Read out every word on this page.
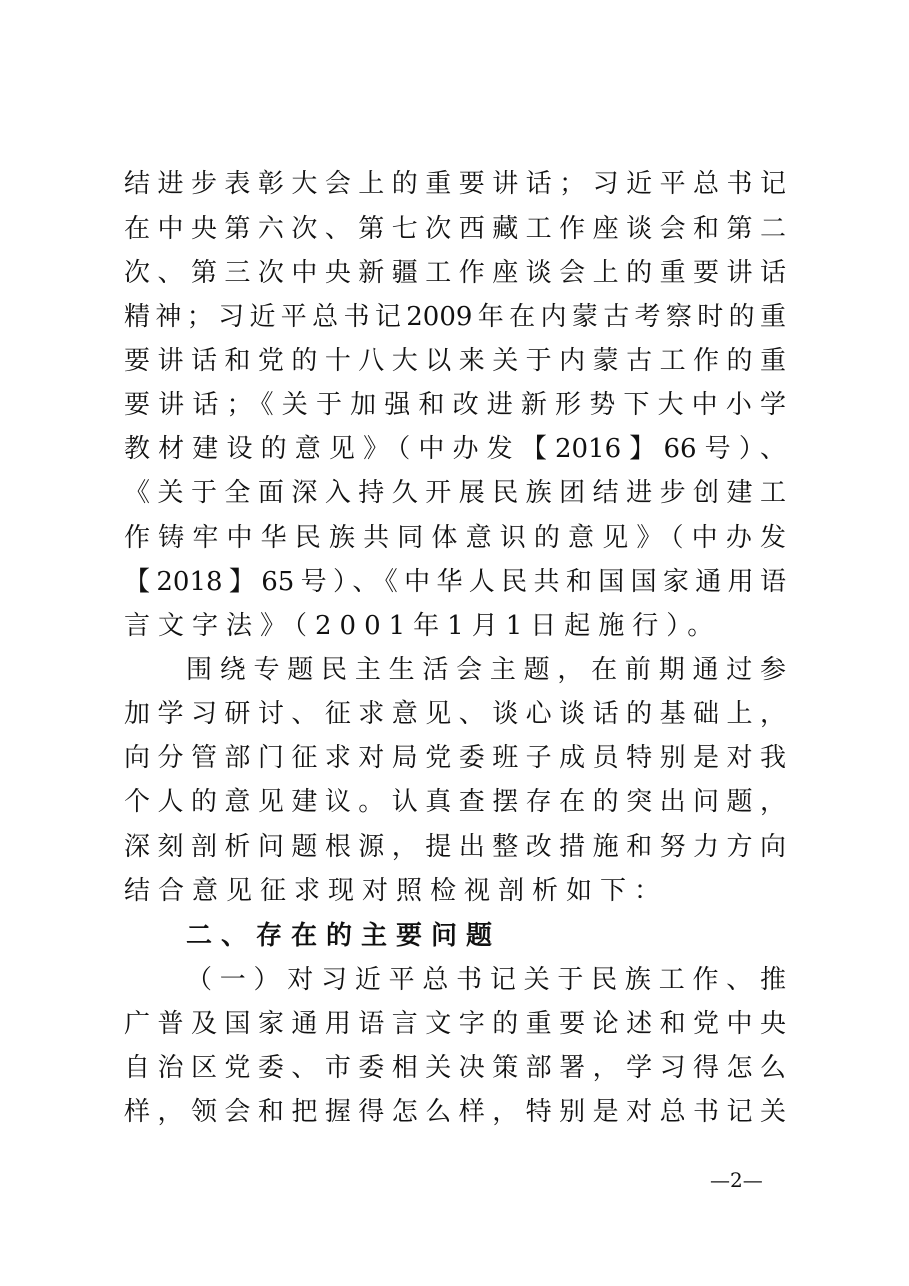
结进步表彰大会上的重要讲话；习近平总书记
在中央第六次、第七次西藏工作座谈会和第二
次、第三次中央新疆工作座谈会上的重要讲话
精神；习近平总书记2009年在内蒙古考察时的重
要讲话和党的十八大以来关于内蒙古工作的重
要讲话；《关于加强和改进新形势下大中小学
教材建设的意见》（中办发【2016】66号）、
《关于全面深入持久开展民族团结进步创建工
作铸牢中华民族共同体意识的意见》（中办发
【2018】65号）、《中华人民共和国国家通用语
言文字法》（2001年1月1日起施行）。
围绕专题民主生活会主题，在前期通过参
加学习研讨、征求意见、谈心谈话的基础上，
向分管部门征求对局党委班子成员特别是对我
个人的意见建议。认真查摆存在的突出问题，
深刻剖析问题根源，提出整改措施和努力方向
结合意见征求现对照检视剖析如下：
二、存在的主要问题
（一）对习近平总书记关于民族工作、推
广普及国家通用语言文字的重要论述和党中央
自治区党委、市委相关决策部署，学习得怎么
样，领会和把握得怎么样，特别是对总书记关
—2—
